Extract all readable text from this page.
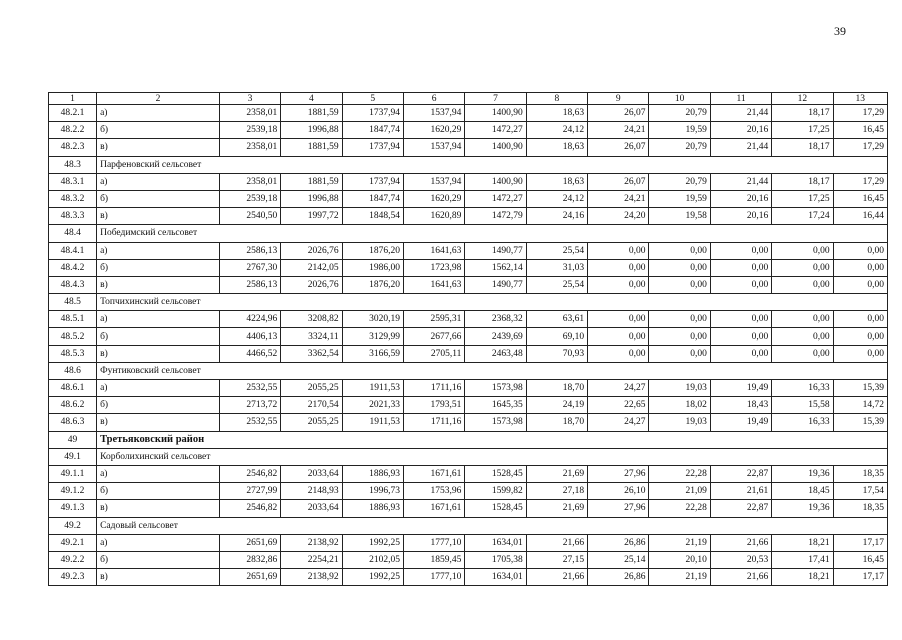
39
1	2	3	4	5	6	7	8	9	10	11	12	13
48.2.1	а)	2358,01	1881,59	1737,94	1537,94	1400,90	18,63	26,07	20,79	21,44	18,17	17,29
48.2.2	б)	2539,18	1996,88	1847,74	1620,29	1472,27	24,12	24,21	19,59	20,16	17,25	16,45
48.2.3	в)	2358,01	1881,59	1737,94	1537,94	1400,90	18,63	26,07	20,79	21,44	18,17	17,29
48.3	Парфеновский сельсовет											
48.3.1	а)	2358,01	1881,59	1737,94	1537,94	1400,90	18,63	26,07	20,79	21,44	18,17	17,29
48.3.2	б)	2539,18	1996,88	1847,74	1620,29	1472,27	24,12	24,21	19,59	20,16	17,25	16,45
48.3.3	в)	2540,50	1997,72	1848,54	1620,89	1472,79	24,16	24,20	19,58	20,16	17,24	16,44
48.4	Победимский сельсовет											
48.4.1	а)	2586,13	2026,76	1876,20	1641,63	1490,77	25,54	0,00	0,00	0,00	0,00	0,00
48.4.2	б)	2767,30	2142,05	1986,00	1723,98	1562,14	31,03	0,00	0,00	0,00	0,00	0,00
48.4.3	в)	2586,13	2026,76	1876,20	1641,63	1490,77	25,54	0,00	0,00	0,00	0,00	0,00
48.5	Топчихинский сельсовет											
48.5.1	а)	4224,96	3208,82	3020,19	2595,31	2368,32	63,61	0,00	0,00	0,00	0,00	0,00
48.5.2	б)	4406,13	3324,11	3129,99	2677,66	2439,69	69,10	0,00	0,00	0,00	0,00	0,00
48.5.3	в)	4466,52	3362,54	3166,59	2705,11	2463,48	70,93	0,00	0,00	0,00	0,00	0,00
48.6	Фунтиковский сельсовет											
48.6.1	а)	2532,55	2055,25	1911,53	1711,16	1573,98	18,70	24,27	19,03	19,49	16,33	15,39
48.6.2	б)	2713,72	2170,54	2021,33	1793,51	1645,35	24,19	22,65	18,02	18,43	15,58	14,72
48.6.3	в)	2532,55	2055,25	1911,53	1711,16	1573,98	18,70	24,27	19,03	19,49	16,33	15,39
49	Третьяковский район											
49.1	Корболихинский сельсовет											
49.1.1	а)	2546,82	2033,64	1886,93	1671,61	1528,45	21,69	27,96	22,28	22,87	19,36	18,35
49.1.2	б)	2727,99	2148,93	1996,73	1753,96	1599,82	27,18	26,10	21,09	21,61	18,45	17,54
49.1.3	в)	2546,82	2033,64	1886,93	1671,61	1528,45	21,69	27,96	22,28	22,87	19,36	18,35
49.2	Садовый сельсовет											
49.2.1	а)	2651,69	2138,92	1992,25	1777,10	1634,01	21,66	26,86	21,19	21,66	18,21	17,17
49.2.2	б)	2832,86	2254,21	2102,05	1859,45	1705,38	27,15	25,14	20,10	20,53	17,41	16,45
49.2.3	в)	2651,69	2138,92	1992,25	1777,10	1634,01	21,66	26,86	21,19	21,66	18,21	17,17
